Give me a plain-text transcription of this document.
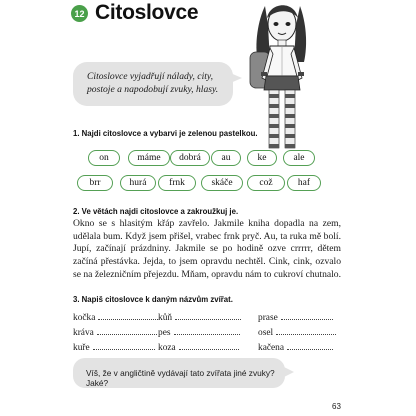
12 Citoslovce
Citoslovce vyjadřují nálady, city, postoje a napodobují zvuky, hlasy.
1. Najdi citoslovce a vybarvi je zelenou pastelkou.
on	máme dobrá au	ke	ale
brr	hurá frnk	skáče	což	haf
2. Ve větách najdi citoslovce a zakroužkuj je.

Okno se s hlasitým křáp zavřelo. Jakmile kniha dopadla na zem, udělala bum. Když jsem přišel, vrabec frnk pryč. Au, ta ruka mě bolí. Jupí, začínají prázdniny. Jakmile se po hodině ozve crrrrr, dětem začíná přestávka. Jejda, to jsem opravdu nechtěl. Cink, cink, ozvalo se na železničním přejezdu. Mňam, opravdu nám to cukroví chutnalo.

3. Napiš citoslovce k daným názvům zvířat.
kočka	kůň	prase
kráva	pes	osel
kuře	koza	kačena
Víš, že v angličtině vydávají tato zvířata jiné zvuky? Jaké?
63
